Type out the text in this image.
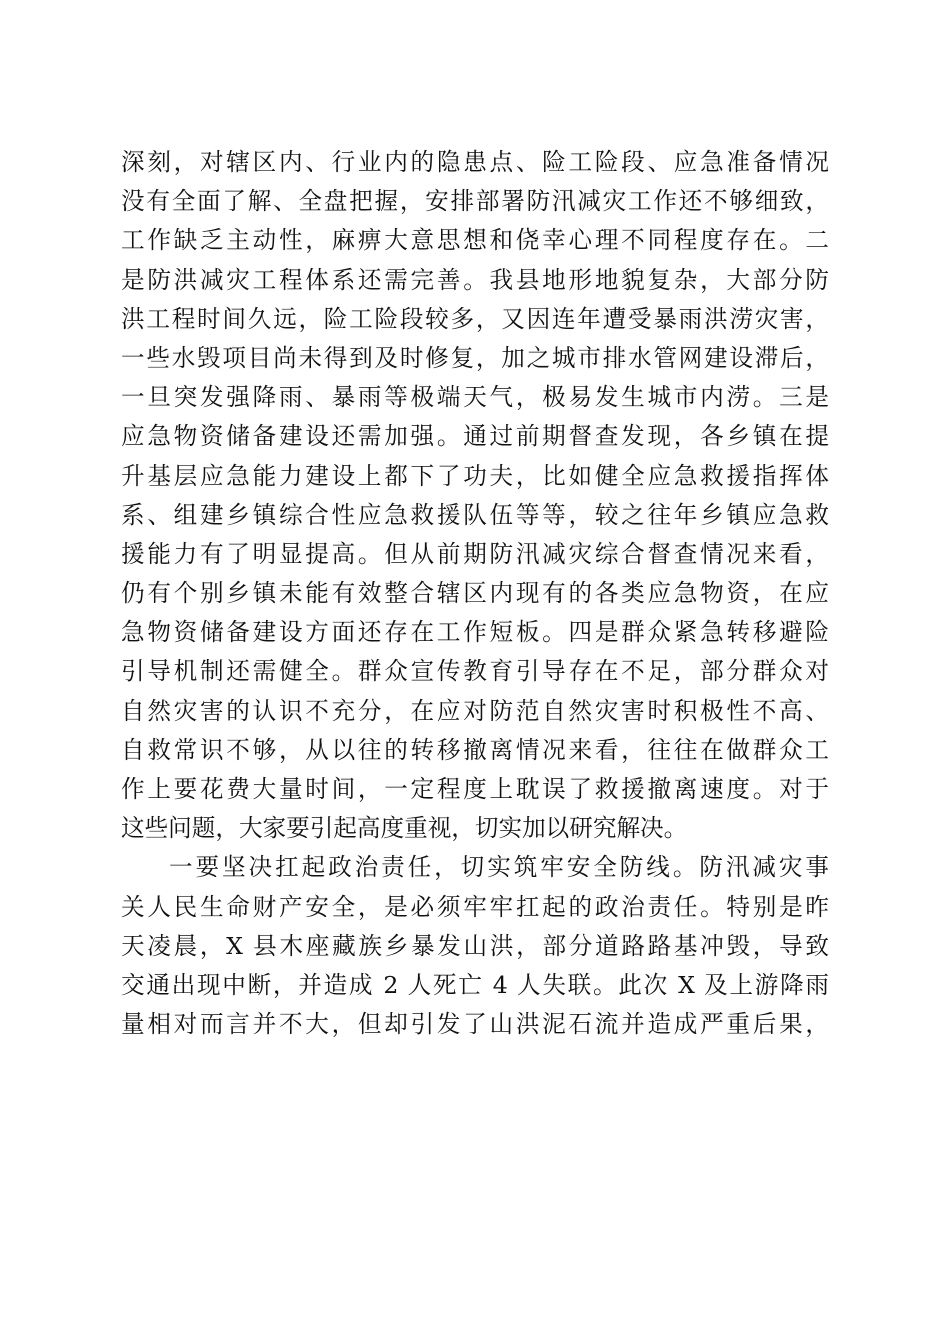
深刻，对辖区内、行业内的隐患点、险工险段、应急准备情况
没有全面了解、全盘把握，安排部署防汛减灾工作还不够细致，
工作缺乏主动性，麻痹大意思想和侥幸心理不同程度存在。二
是防洪减灾工程体系还需完善。我县地形地貌复杂，大部分防
洪工程时间久远，险工险段较多，又因连年遭受暴雨洪涝灾害，
一些水毁项目尚未得到及时修复，加之城市排水管网建设滞后，
一旦突发强降雨、暴雨等极端天气，极易发生城市内涝。三是
应急物资储备建设还需加强。通过前期督查发现，各乡镇在提
升基层应急能力建设上都下了功夫，比如健全应急救援指挥体
系、组建乡镇综合性应急救援队伍等等，较之往年乡镇应急救
援能力有了明显提高。但从前期防汛减灾综合督查情况来看，
仍有个别乡镇未能有效整合辖区内现有的各类应急物资，在应
急物资储备建设方面还存在工作短板。四是群众紧急转移避险
引导机制还需健全。群众宣传教育引导存在不足，部分群众对
自然灾害的认识不充分，在应对防范自然灾害时积极性不高、
自救常识不够，从以往的转移撤离情况来看，往往在做群众工
作上要花费大量时间，一定程度上耽误了救援撤离速度。对于
这些问题，大家要引起高度重视，切实加以研究解决。
一要坚决扛起政治责任，切实筑牢安全防线。防汛减灾事
关人民生命财产安全，是必须牢牢扛起的政治责任。特别是昨
天凌晨，X 县木座藏族乡暴发山洪，部分道路路基冲毁，导致
交通出现中断，并造成 2 人死亡 4 人失联。此次 X 及上游降雨
量相对而言并不大，但却引发了山洪泥石流并造成严重后果，
